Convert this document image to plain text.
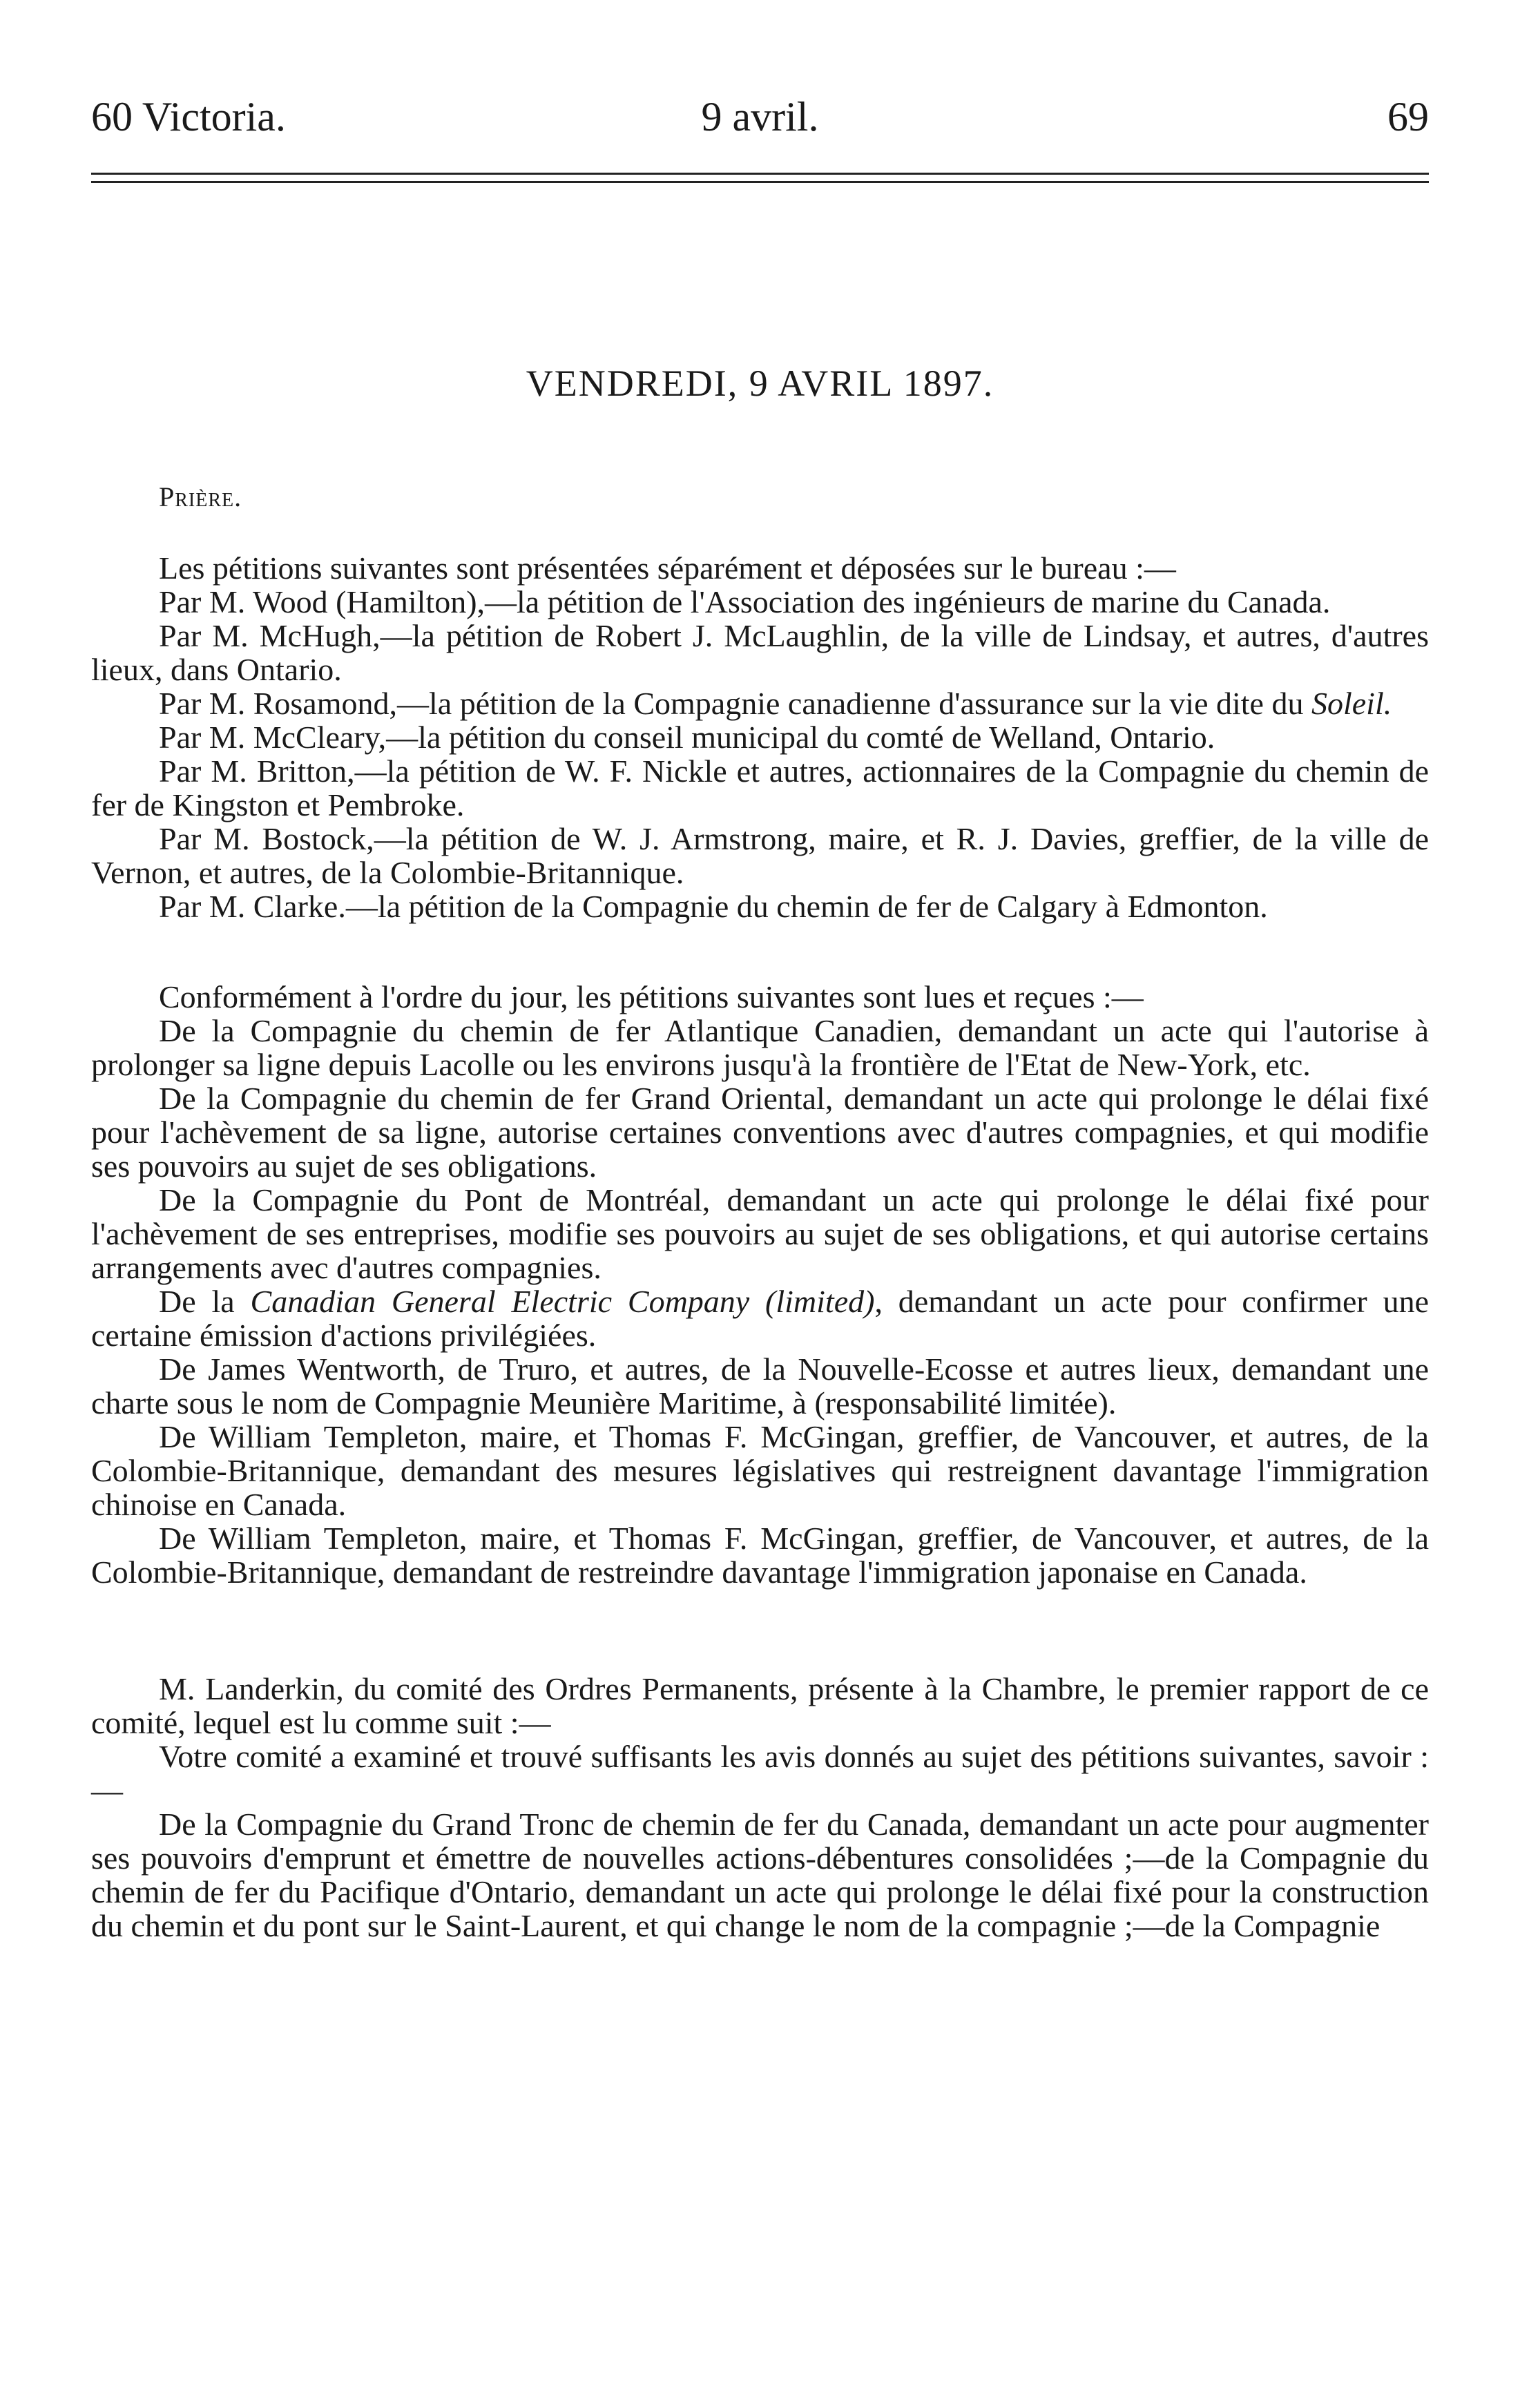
60 Victoria.	9 avril.	69
VENDREDI, 9 AVRIL 1897.
Prière.

Les pétitions suivantes sont présentées séparément et déposées sur le bureau :—

Par M. Wood (Hamilton),—la pétition de l'Association des ingénieurs de marine du Canada.

Par M. McHugh,—la pétition de Robert J. McLaughlin, de la ville de Lindsay, et autres, d'autres lieux, dans Ontario.

Par M. Rosamond,—la pétition de la Compagnie canadienne d'assurance sur la vie dite du Soleil.

Par M. McCleary,—la pétition du conseil municipal du comté de Welland, Ontario.

Par M. Britton,—la pétition de W. F. Nickle et autres, actionnaires de la Compagnie du chemin de fer de Kingston et Pembroke.

Par M. Bostock,—la pétition de W. J. Armstrong, maire, et R. J. Davies, greffier, de la ville de Vernon, et autres, de la Colombie-Britannique.

Par M. Clarke.—la pétition de la Compagnie du chemin de fer de Calgary à Edmonton.

Conformément à l'ordre du jour, les pétitions suivantes sont lues et reçues :—

De la Compagnie du chemin de fer Atlantique Canadien, demandant un acte qui l'autorise à prolonger sa ligne depuis Lacolle ou les environs jusqu'à la frontière de l'Etat de New-York, etc.

De la Compagnie du chemin de fer Grand Oriental, demandant un acte qui prolonge le délai fixé pour l'achèvement de sa ligne, autorise certaines conventions avec d'autres compagnies, et qui modifie ses pouvoirs au sujet de ses obligations.

De la Compagnie du Pont de Montréal, demandant un acte qui prolonge le délai fixé pour l'achèvement de ses entreprises, modifie ses pouvoirs au sujet de ses obligations, et qui autorise certains arrangements avec d'autres compagnies.

De la Canadian General Electric Company (limited), demandant un acte pour confirmer une certaine émission d'actions privilégiées.

De James Wentworth, de Truro, et autres, de la Nouvelle-Ecosse et autres lieux, demandant une charte sous le nom de Compagnie Meunière Maritime, à (responsabilité limitée).

De William Templeton, maire, et Thomas F. McGingan, greffier, de Vancouver, et autres, de la Colombie-Britannique, demandant des mesures législatives qui restreignent davantage l'immigration chinoise en Canada.

De William Templeton, maire, et Thomas F. McGingan, greffier, de Vancouver, et autres, de la Colombie-Britannique, demandant de restreindre davantage l'immigration japonaise en Canada.

M. Landerkin, du comité des Ordres Permanents, présente à la Chambre, le premier rapport de ce comité, lequel est lu comme suit :—

Votre comité a examiné et trouvé suffisants les avis donnés au sujet des pétitions suivantes, savoir :—

De la Compagnie du Grand Tronc de chemin de fer du Canada, demandant un acte pour augmenter ses pouvoirs d'emprunt et émettre de nouvelles actions-débentures consolidées ;—de la Compagnie du chemin de fer du Pacifique d'Ontario, demandant un acte qui prolonge le délai fixé pour la construction du chemin et du pont sur le Saint-Laurent, et qui change le nom de la compagnie ;—de la Compagnie
